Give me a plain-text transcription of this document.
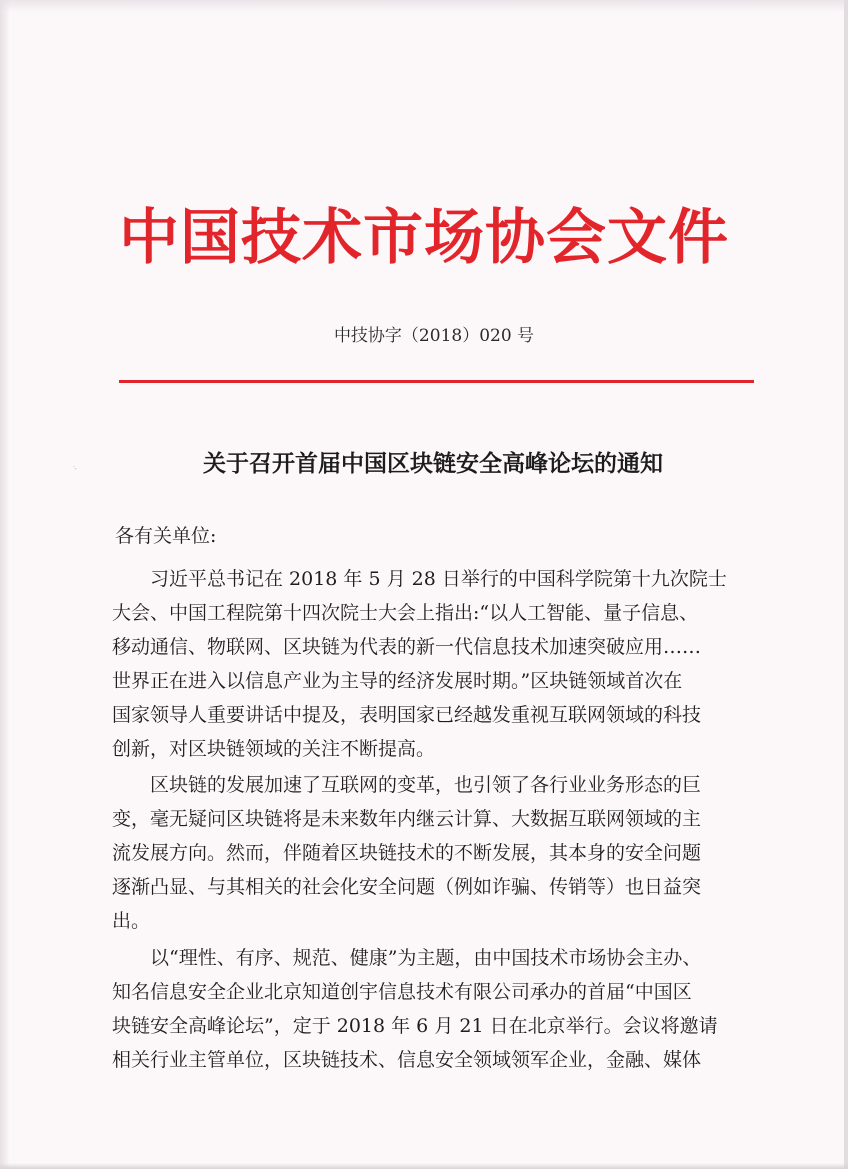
中国技术市场协会文件
中技协字（2018）020 号
·,	关于召开首届中国区块链安全高峰论坛的通知
各有关单位:
习近平总书记在 2018 年 5 月 28 日举行的中国科学院第十九次院士
大会、中国工程院第十四次院士大会上指出:“以人工智能、量子信息、
移动通信、物联网、区块链为代表的新一代信息技术加速突破应用……
世界正在进入以信息产业为主导的经济发展时期。”区块链领域首次在
国家领导人重要讲话中提及，表明国家已经越发重视互联网领域的科技
创新，对区块链领域的关注不断提高。
区块链的发展加速了互联网的变革，也引领了各行业业务形态的巨
变，毫无疑问区块链将是未来数年内继云计算、大数据互联网领域的主
流发展方向。然而，伴随着区块链技术的不断发展，其本身的安全问题
逐渐凸显、与其相关的社会化安全问题（例如诈骗、传销等）也日益突
出。
以“理性、有序、规范、健康”为主题，由中国技术市场协会主办、
知名信息安全企业北京知道创宇信息技术有限公司承办的首届“中国区
块链安全高峰论坛”，定于 2018 年 6 月 21 日在北京举行。会议将邀请
相关行业主管单位，区块链技术、信息安全领域领军企业，金融、媒体
